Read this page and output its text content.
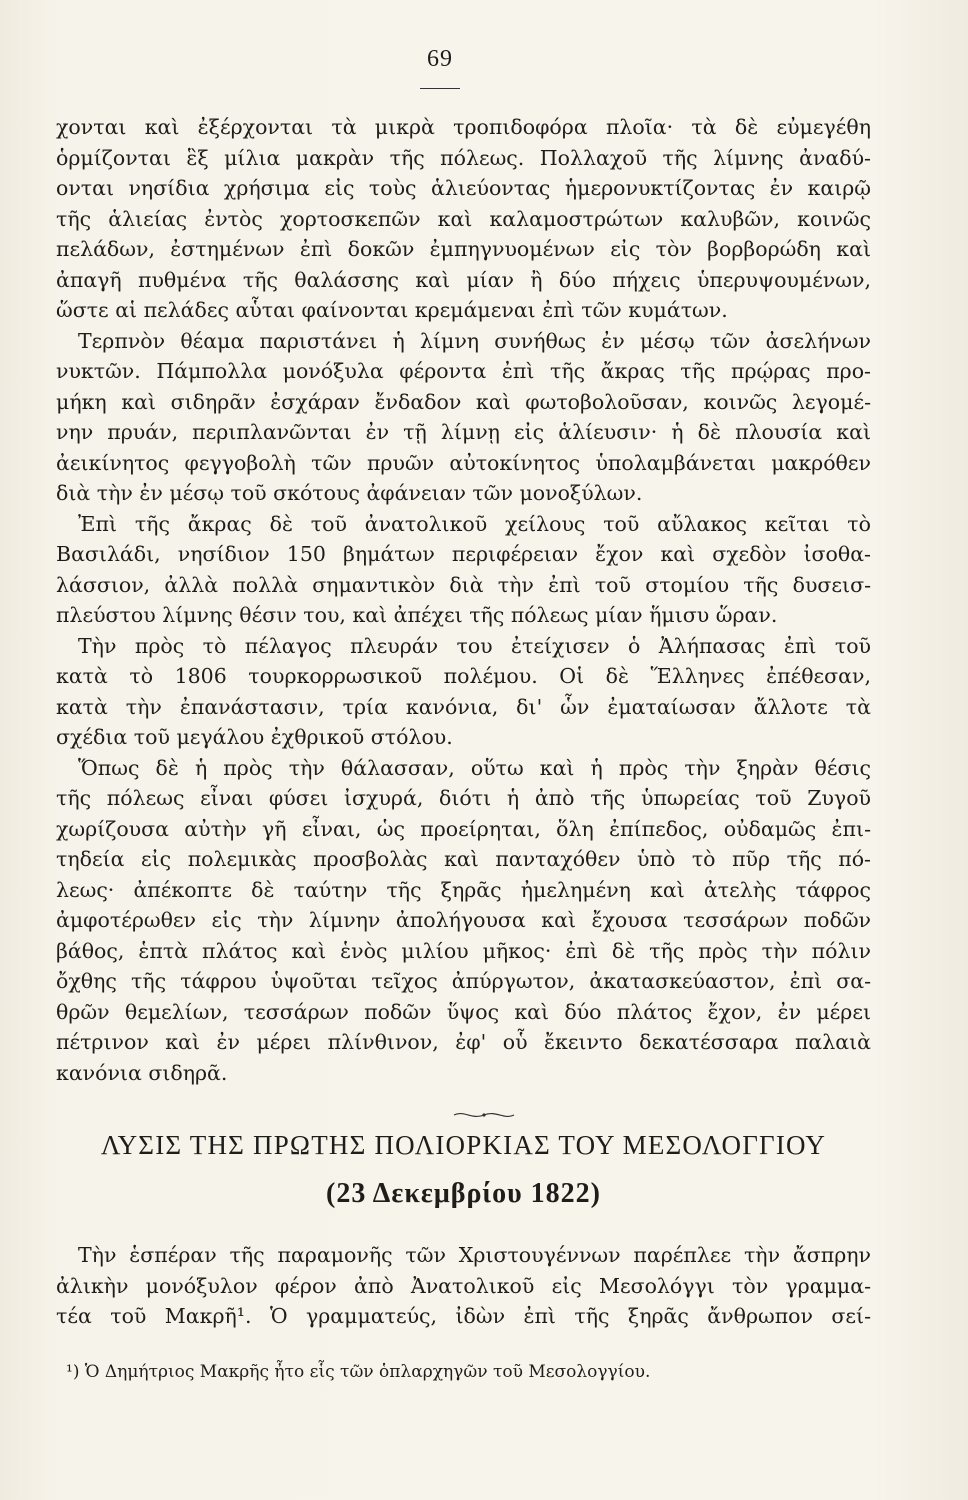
69
χονται καὶ ἐξέρχονται τὰ μικρὰ τροπιδοφόρα πλοῖα· τὰ δὲ εὐμεγέθη
ὁρμίζονται ἓξ μίλια μακρὰν τῆς πόλεως. Πολλαχοῦ τῆς λίμνης ἀναδύ-
ονται νησίδια χρήσιμα εἰς τοὺς ἁλιεύοντας ἡμερονυκτίζοντας ἐν καιρῷ
τῆς ἁλιείας ἐντὸς χορτοσκεπῶν καὶ καλαμοστρώτων καλυβῶν, κοινῶς
πελάδων, ἐστημένων ἐπὶ δοκῶν ἐμπηγνυομένων εἰς τὸν βορβορώδη καὶ
ἀπαγῆ πυθμένα τῆς θαλάσσης καὶ μίαν ἢ δύο πήχεις ὑπερυψουμένων,
ὥστε αἱ πελάδες αὗται φαίνονται κρεμάμεναι ἐπὶ τῶν κυμάτων.
Τερπνὸν θέαμα παριστάνει ἡ λίμνη συνήθως ἐν μέσῳ τῶν ἀσελήνων
νυκτῶν. Πάμπολλα μονόξυλα φέροντα ἐπὶ τῆς ἄκρας τῆς πρῴρας προ-
μήκη καὶ σιδηρᾶν ἐσχάραν ἔνδαδον καὶ φωτοβολοῦσαν, κοινῶς λεγομέ-
νην πρυάν, περιπλανῶνται ἐν τῇ λίμνῃ εἰς ἁλίευσιν· ἡ δὲ πλουσία καὶ
ἀεικίνητος φεγγοβολὴ τῶν πρυῶν αὐτοκίνητος ὑπολαμβάνεται μακρόθεν
διὰ τὴν ἐν μέσῳ τοῦ σκότους ἀφάνειαν τῶν μονοξύλων.
Ἐπὶ τῆς ἄκρας δὲ τοῦ ἀνατολικοῦ χείλους τοῦ αὔλακος κεῖται τὸ
Βασιλάδι, νησίδιον 150 βημάτων περιφέρειαν ἔχον καὶ σχεδὸν ἰσοθα-
λάσσιον, ἀλλὰ πολλὰ σημαντικὸν διὰ τὴν ἐπὶ τοῦ στομίου τῆς δυσεισ-
πλεύστου λίμνης θέσιν του, καὶ ἀπέχει τῆς πόλεως μίαν ἥμισυ ὥραν.
Τὴν πρὸς τὸ πέλαγος πλευράν του ἐτείχισεν ὁ Ἀλήπασας ἐπὶ τοῦ
κατὰ τὸ 1806 τουρκορρωσικοῦ πολέμου. Οἱ δὲ Ἕλληνες ἐπέθεσαν,
κατὰ τὴν ἐπανάστασιν, τρία κανόνια, δι' ὧν ἐματαίωσαν ἄλλοτε τὰ
σχέδια τοῦ μεγάλου ἐχθρικοῦ στόλου.
Ὅπως δὲ ἡ πρὸς τὴν θάλασσαν, οὕτω καὶ ἡ πρὸς τὴν ξηρὰν θέσις
τῆς πόλεως εἶναι φύσει ἰσχυρά, διότι ἡ ἀπὸ τῆς ὑπωρείας τοῦ Ζυγοῦ
χωρίζουσα αὐτὴν γῆ εἶναι, ὡς προείρηται, ὅλη ἐπίπεδος, οὐδαμῶς ἐπι-
τηδεία εἰς πολεμικὰς προσβολὰς καὶ πανταχόθεν ὑπὸ τὸ πῦρ τῆς πό-
λεως· ἀπέκοπτε δὲ ταύτην τῆς ξηρᾶς ἠμελημένη καὶ ἀτελὴς τάφρος
ἀμφοτέρωθεν εἰς τὴν λίμνην ἀπολήγουσα καὶ ἔχουσα τεσσάρων ποδῶν
βάθος, ἑπτὰ πλάτος καὶ ἑνὸς μιλίου μῆκος· ἐπὶ δὲ τῆς πρὸς τὴν πόλιν
ὄχθης τῆς τάφρου ὑψοῦται τεῖχος ἀπύργωτον, ἀκατασκεύαστον, ἐπὶ σα-
θρῶν θεμελίων, τεσσάρων ποδῶν ὕψος καὶ δύο πλάτος ἔχον, ἐν μέρει
πέτρινον καὶ ἐν μέρει πλίνθινον, ἐφ' οὗ ἔκειντο δεκατέσσαρα παλαιὰ
κανόνια σιδηρᾶ.
ΛΥΣΙΣ ΤΗΣ ΠΡΩΤΗΣ ΠΟΛΙΟΡΚΙΑΣ ΤΟΥ ΜΕΣΟΛΟΓΓΙΟΥ
(23 Δεκεμβρίου 1822)
Τὴν ἑσπέραν τῆς παραμονῆς τῶν Χριστουγέννων παρέπλεε τὴν ἄσπρην
ἀλικὴν μονόξυλον φέρον ἀπὸ Ἀνατολικοῦ εἰς Μεσολόγγι τὸν γραμμα-
τέα τοῦ Μακρῆ¹. Ὁ γραμματεύς, ἰδὼν ἐπὶ τῆς ξηρᾶς ἄνθρωπον σεί-
¹) Ὁ Δημήτριος Μακρῆς ἦτο εἷς τῶν ὁπλαρχηγῶν τοῦ Μεσολογγίου.
